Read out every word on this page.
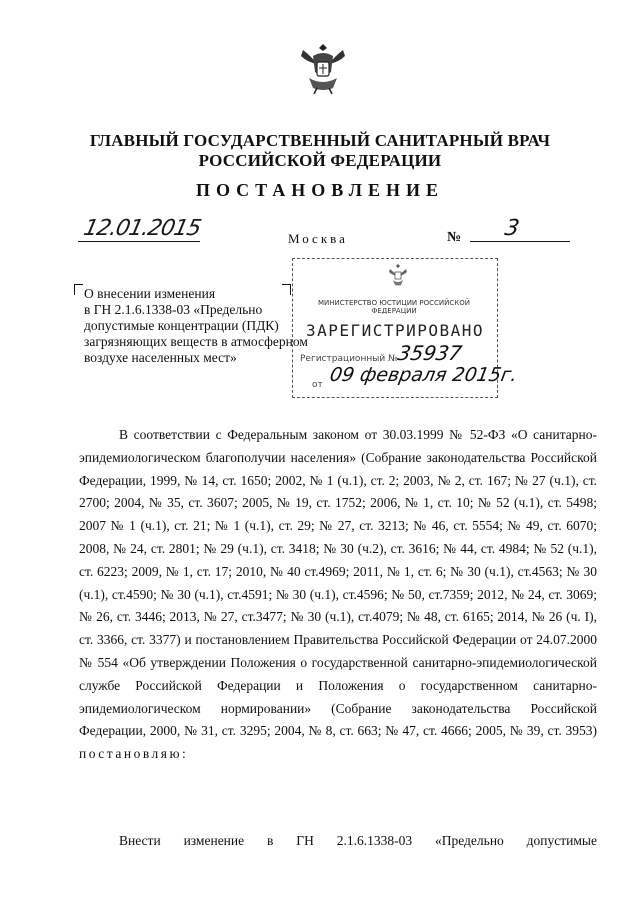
ГЛАВНЫЙ ГОСУДАРСТВЕННЫЙ САНИТАРНЫЙ ВРАЧ
РОССИЙСКОЙ ФЕДЕРАЦИИ
ПОСТАНОВЛЕНИЕ
12.01.2015	Москва	№ 3
О внесении изменения
в ГН 2.1.6.1338-03 «Предельно
допустимые концентрации (ПДК)
загрязняющих веществ в атмосферном
воздухе населенных мест»
МИНИСТЕРСТВО ЮСТИЦИИ РОССИЙСКОЙ ФЕДЕРАЦИИ
ЗАРЕГИСТРИРОВАНО
Регистрационный №
35937
от 09 февраля 2015г.
В соответствии с Федеральным законом от 30.03.1999 № 52-ФЗ «О санитарно-эпидемиологическом благополучии населения» (Собрание законодательства Российской Федерации, 1999, № 14, ст. 1650; 2002, № 1 (ч.1), ст. 2; 2003, № 2, ст. 167; № 27 (ч.1), ст. 2700; 2004, № 35, ст. 3607; 2005, № 19, ст. 1752; 2006, № 1, ст. 10; № 52 (ч.1), ст. 5498; 2007 № 1 (ч.1), ст. 21; № 1 (ч.1), ст. 29; № 27, ст. 3213; № 46, ст. 5554; № 49, ст. 6070; 2008, № 24, ст. 2801; № 29 (ч.1), ст. 3418; № 30 (ч.2), ст. 3616; № 44, ст. 4984; № 52 (ч.1), ст. 6223; 2009, № 1, ст. 17; 2010, № 40 ст.4969; 2011, № 1, ст. 6; № 30 (ч.1), ст.4563; № 30 (ч.1), ст.4590; № 30 (ч.1), ст.4591; № 30 (ч.1), ст.4596; № 50, ст.7359; 2012, № 24, ст. 3069; № 26, ст. 3446; 2013, № 27, ст.3477; № 30 (ч.1), ст.4079; № 48, ст. 6165; 2014, № 26 (ч. I), ст. 3366, ст. 3377) и постановлением Правительства Российской Федерации от 24.07.2000 № 554 «Об утверждении Положения о государственной санитарно-эпидемиологической службе Российской Федерации и Положения о государственном санитарно-эпидемиологическом нормировании» (Собрание законодательства Российской Федерации, 2000, № 31, ст. 3295; 2004, № 8, ст. 663; № 47, ст. 4666; 2005, № 39, ст. 3953) постановляю:
Внести изменение в ГН 2.1.6.1338-03 «Предельно допустимые
